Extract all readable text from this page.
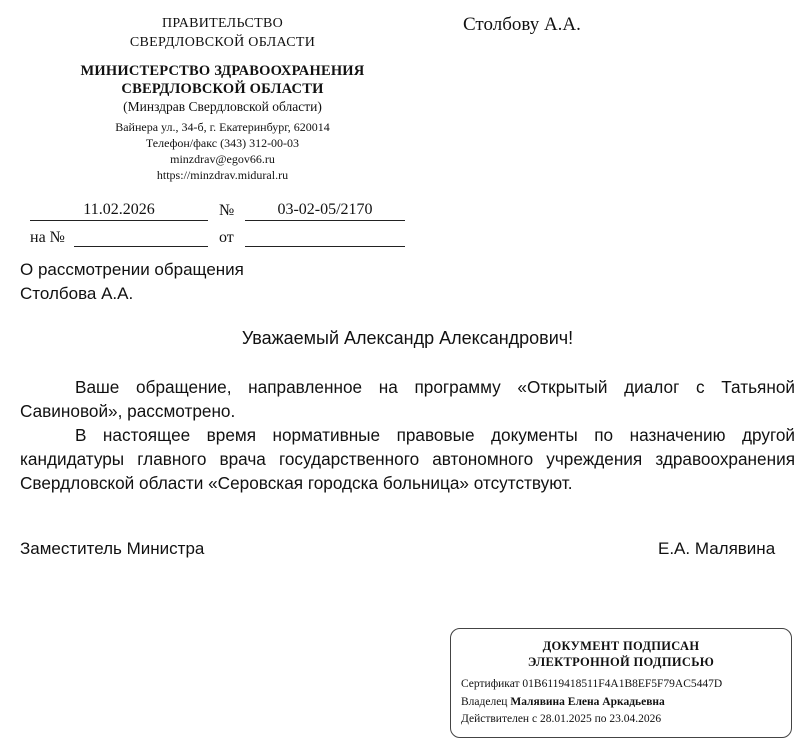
ПРАВИТЕЛЬСТВО
СВЕРДЛОВСКОЙ ОБЛАСТИ
МИНИСТЕРСТВО ЗДРАВООХРАНЕНИЯ
СВЕРДЛОВСКОЙ ОБЛАСТИ
(Минздрав Свердловской области)
Вайнера ул., 34-б, г. Екатеринбург, 620014
Телефон/факс (343) 312-00-03
minzdrav@egov66.ru
https://minzdrav.midural.ru
Столбову А.А.
11.02.2026	№	03-02-05/2170
на №	от
О рассмотрении обращения
Столбова А.А.
Уважаемый Александр Александрович!

Ваше обращение, направленное на программу «Открытый диалог с Татьяной Савиновой», рассмотрено.

В настоящее время нормативные правовые документы по назначению другой кандидатуры главного врача государственного автономного учреждения здравоохранения Свердловской области «Серовская городска больница» отсутствуют.

Заместитель Министра	Е.А. Малявина
ДОКУМЕНТ ПОДПИСАН
ЭЛЕКТРОННОЙ ПОДПИСЬЮ
Сертификат 01B6119418511F4A1B8EF5F79AC5447D
Владелец Малявина Елена Аркадьевна
Действителен с 28.01.2025 по 23.04.2026
